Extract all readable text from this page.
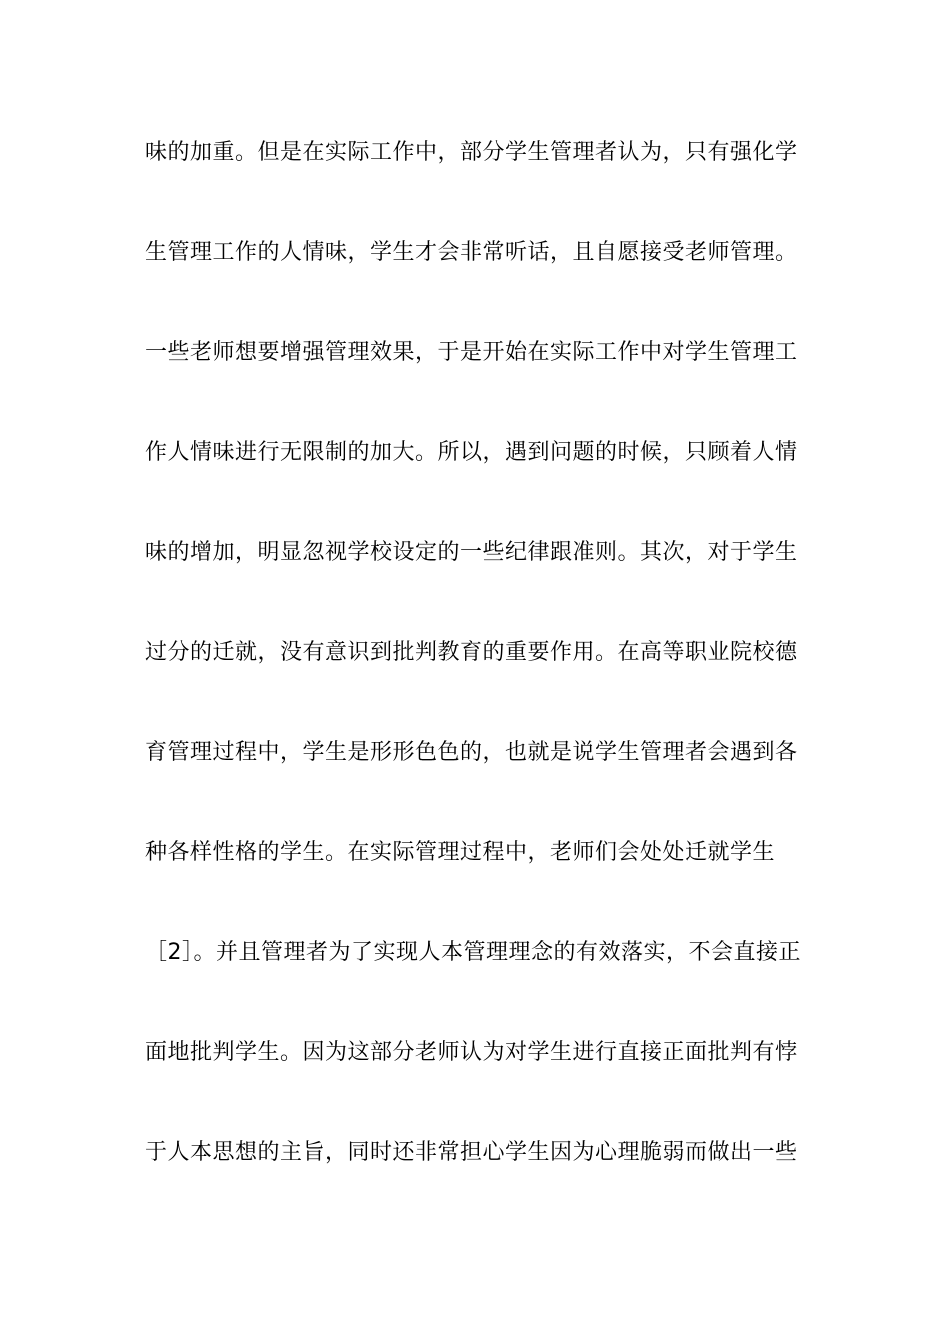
味的加重。但是在实际工作中，部分学生管理者认为，只有强化学
生管理工作的人情味，学生才会非常听话，且自愿接受老师管理。
一些老师想要增强管理效果，于是开始在实际工作中对学生管理工
作人情味进行无限制的加大。所以，遇到问题的时候，只顾着人情
味的增加，明显忽视学校设定的一些纪律跟准则。其次，对于学生
过分的迁就，没有意识到批判教育的重要作用。在高等职业院校德
育管理过程中，学生是形形色色的，也就是说学生管理者会遇到各
种各样性格的学生。在实际管理过程中，老师们会处处迁就学生
［2］。并且管理者为了实现人本管理理念的有效落实，不会直接正
面地批判学生。因为这部分老师认为对学生进行直接正面批判有悖
于人本思想的主旨，同时还非常担心学生因为心理脆弱而做出一些
